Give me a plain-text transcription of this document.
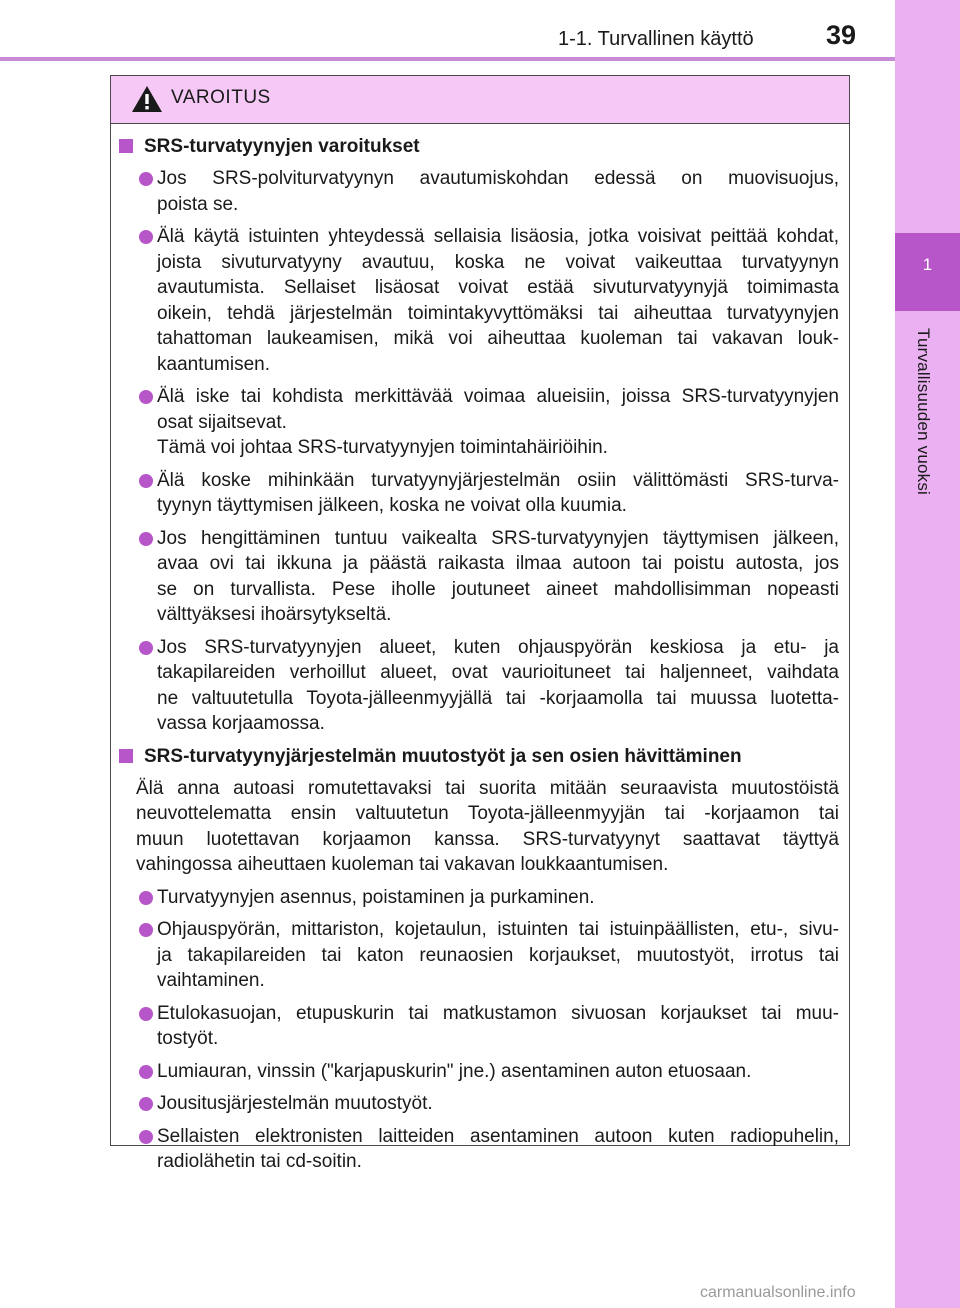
1-1. Turvallinen käyttö	39
1
Turvallisuuden vuoksi
VAROITUS
SRS-turvatyynyjen varoitukset
Jos SRS-polviturvatyynyn avautumiskohdan edessä on muovisuojus,
poista se.
Älä käytä istuinten yhteydessä sellaisia lisäosia, jotka voisivat peittää kohdat,
joista sivuturvatyyny avautuu, koska ne voivat vaikeuttaa turvatyynyn
avautumista. Sellaiset lisäosat voivat estää sivuturvatyynyjä toimimasta
oikein, tehdä järjestelmän toimintakyvyttömäksi tai aiheuttaa turvatyynyjen
tahattoman laukeamisen, mikä voi aiheuttaa kuoleman tai vakavan louk-
kaantumisen.
Älä iske tai kohdista merkittävää voimaa alueisiin, joissa SRS-turvatyynyjen
osat sijaitsevat.
Tämä voi johtaa SRS-turvatyynyjen toimintahäiriöihin.
Älä koske mihinkään turvatyynyjärjestelmän osiin välittömästi SRS-turva-
tyynyn täyttymisen jälkeen, koska ne voivat olla kuumia.
Jos hengittäminen tuntuu vaikealta SRS-turvatyynyjen täyttymisen jälkeen,
avaa ovi tai ikkuna ja päästä raikasta ilmaa autoon tai poistu autosta, jos
se on turvallista. Pese iholle joutuneet aineet mahdollisimman nopeasti
välttyäksesi ihoärsytykseltä.
Jos SRS-turvatyynyjen alueet, kuten ohjauspyörän keskiosa ja etu- ja
takapilareiden verhoillut alueet, ovat vaurioituneet tai haljenneet, vaihdata
ne valtuutetulla Toyota-jälleenmyyjällä tai -korjaamolla tai muussa luotetta-
vassa korjaamossa.
SRS-turvatyynyjärjestelmän muutostyöt ja sen osien hävittäminen
Älä anna autoasi romutettavaksi tai suorita mitään seuraavista muutostöistä
neuvottelematta ensin valtuutetun Toyota-jälleenmyyjän tai -korjaamon tai
muun luotettavan korjaamon kanssa. SRS-turvatyynyt saattavat täyttyä
vahingossa aiheuttaen kuoleman tai vakavan loukkaantumisen.
Turvatyynyjen asennus, poistaminen ja purkaminen.
Ohjauspyörän, mittariston, kojetaulun, istuinten tai istuinpäällisten, etu-, sivu-
ja takapilareiden tai katon reunaosien korjaukset, muutostyöt, irrotus tai
vaihtaminen.
Etulokasuojan, etupuskurin tai matkustamon sivuosan korjaukset tai muu-
tostyöt.
Lumiauran, vinssin ("karjapuskurin" jne.) asentaminen auton etuosaan.
Jousitusjärjestelmän muutostyöt.
Sellaisten elektronisten laitteiden asentaminen autoon kuten radiopuhelin,
radiolähetin tai cd-soitin.
carmanualsonline.info
